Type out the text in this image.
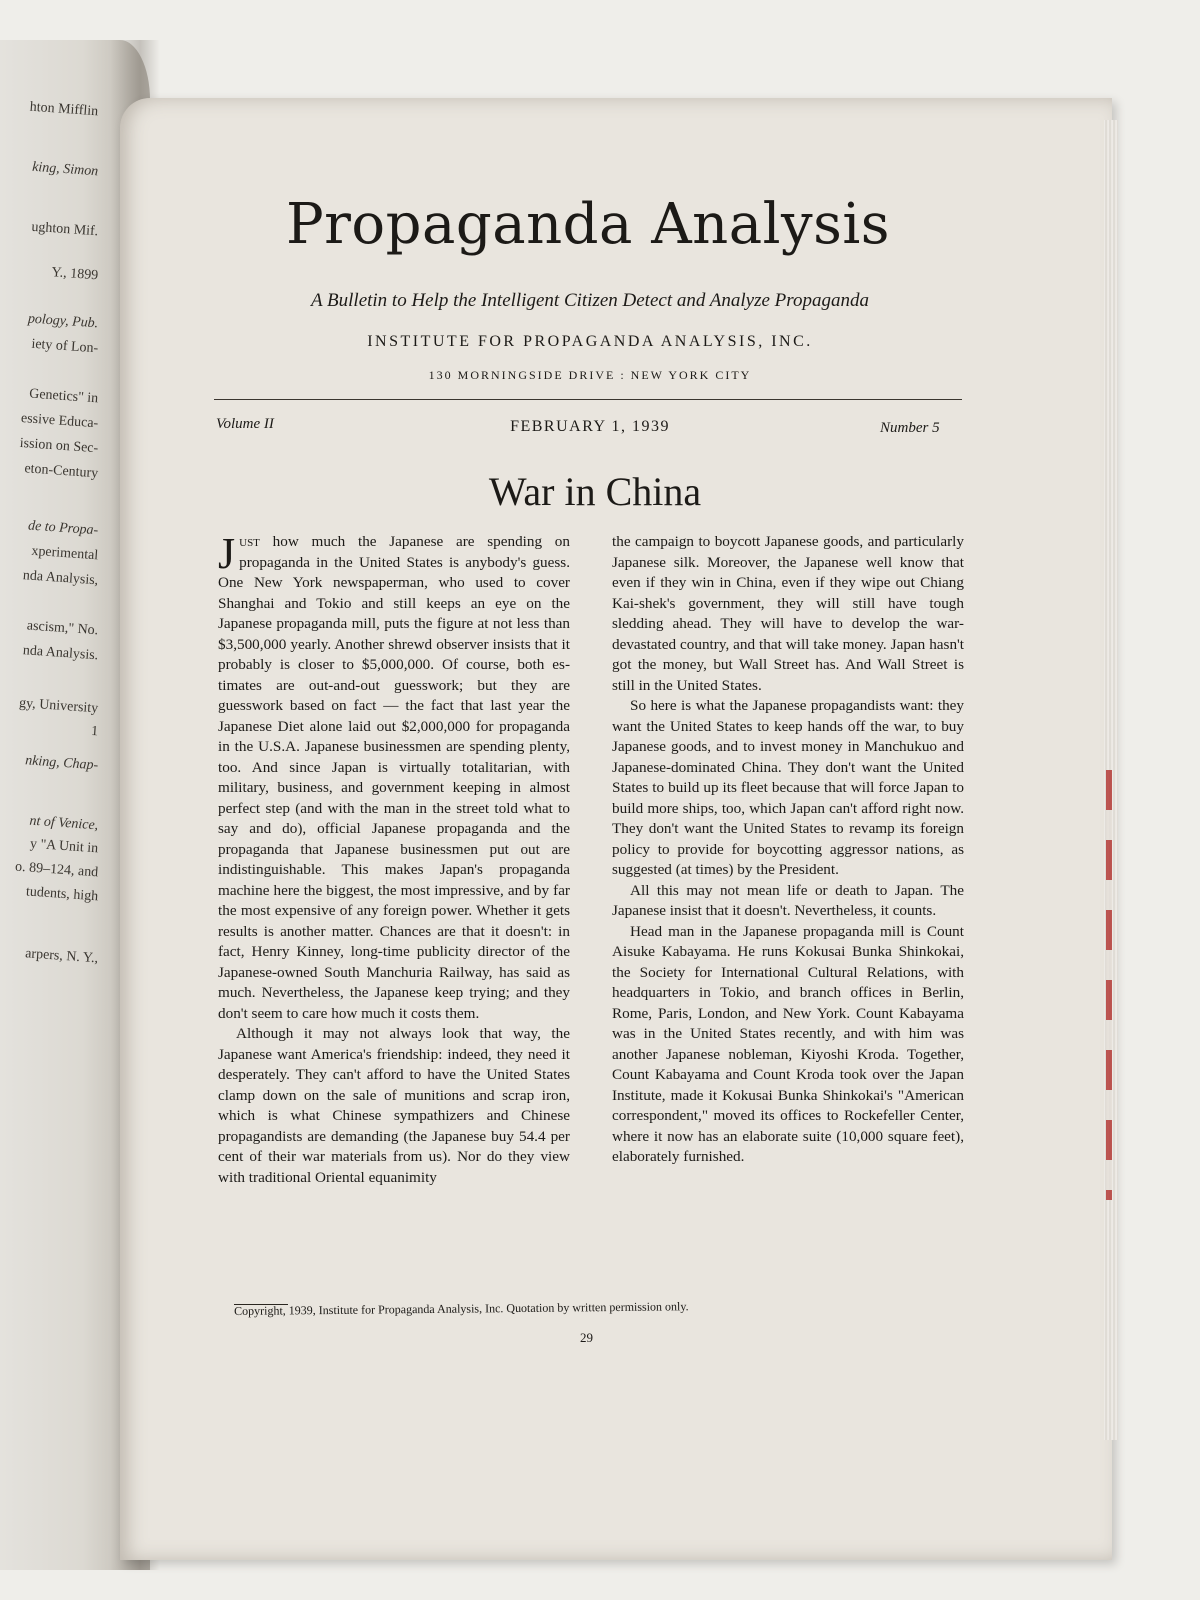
hton Mifflin
king, Simon
ughton Mif.
Y., 1899
pology, Pub.
iety of Lon-
Genetics" in
essive Educa-
ission on Sec-
eton-Century
de to Propa-
xperimental
nda Analysis,
ascism," No.
nda Analysis.
gy, University
1
nking, Chap-
nt of Venice,
y "A Unit in
o. 89–124, and
tudents, high
arpers, N. Y.,
Propaganda Analysis
A Bulletin to Help the Intelligent Citizen Detect and Analyze Propaganda
INSTITUTE FOR PROPAGANDA ANALYSIS, INC.
130 MORNINGSIDE DRIVE : NEW YORK CITY
Volume II	FEBRUARY 1, 1939	Number 5
War in China

Just how much the Japanese are spending on propaganda in the United States is anybody's guess. One New York newspaperman, who used to cover Shanghai and Tokio and still keeps an eye on the Japanese propaganda mill, puts the figure at not less than $3,500,000 yearly. Another shrewd observer insists that it probably is closer to $5,000,000. Of course, both estimates are out-and-out guesswork; but they are guesswork based on fact — the fact that last year the Japanese Diet alone laid out $2,000,000 for propaganda in the U.S.A. Japanese businessmen are spending plenty, too. And since Japan is virtually totalitarian, with military, business, and government keeping in almost perfect step (and with the man in the street told what to say and do), official Japanese propaganda and the propaganda that Japanese businessmen put out are indistinguishable. This makes Japan's propaganda machine here the biggest, the most impressive, and by far the most expensive of any foreign power. Whether it gets results is another matter. Chances are that it doesn't: in fact, Henry Kinney, long-time publicity director of the Japanese-owned South Manchuria Railway, has said as much. Nevertheless, the Japanese keep trying; and they don't seem to care how much it costs them.

Although it may not always look that way, the Japanese want America's friendship: indeed, they need it desperately. They can't afford to have the United States clamp down on the sale of munitions and scrap iron, which is what Chinese sympathizers and Chinese propagandists are demanding (the Japanese buy 54.4 per cent of their war materials from us). Nor do they view with traditional Oriental equanimity

the campaign to boycott Japanese goods, and particularly Japanese silk. Moreover, the Japanese well know that even if they win in China, even if they wipe out Chiang Kai-shek's government, they will still have tough sledding ahead. They will have to develop the war-devastated country, and that will take money. Japan hasn't got the money, but Wall Street has. And Wall Street is still in the United States.

So here is what the Japanese propagandists want: they want the United States to keep hands off the war, to buy Japanese goods, and to invest money in Manchukuo and Japanese-dominated China. They don't want the United States to build up its fleet because that will force Japan to build more ships, too, which Japan can't afford right now. They don't want the United States to revamp its foreign policy to provide for boycotting aggressor nations, as suggested (at times) by the President.

All this may not mean life or death to Japan. The Japanese insist that it doesn't. Nevertheless, it counts.

Head man in the Japanese propaganda mill is Count Aisuke Kabayama. He runs Kokusai Bunka Shinkokai, the Society for International Cultural Relations, with headquarters in Tokio, and branch offices in Berlin, Rome, Paris, London, and New York. Count Kabayama was in the United States recently, and with him was another Japanese nobleman, Kiyoshi Kroda. Together, Count Kabayama and Count Kroda took over the Japan Institute, made it Kokusai Bunka Shinkokai's "American correspondent," moved its offices to Rockefeller Center, where it now has an elaborate suite (10,000 square feet), elaborately furnished.

Copyright, 1939, Institute for Propaganda Analysis, Inc. Quotation by written permission only.
29
